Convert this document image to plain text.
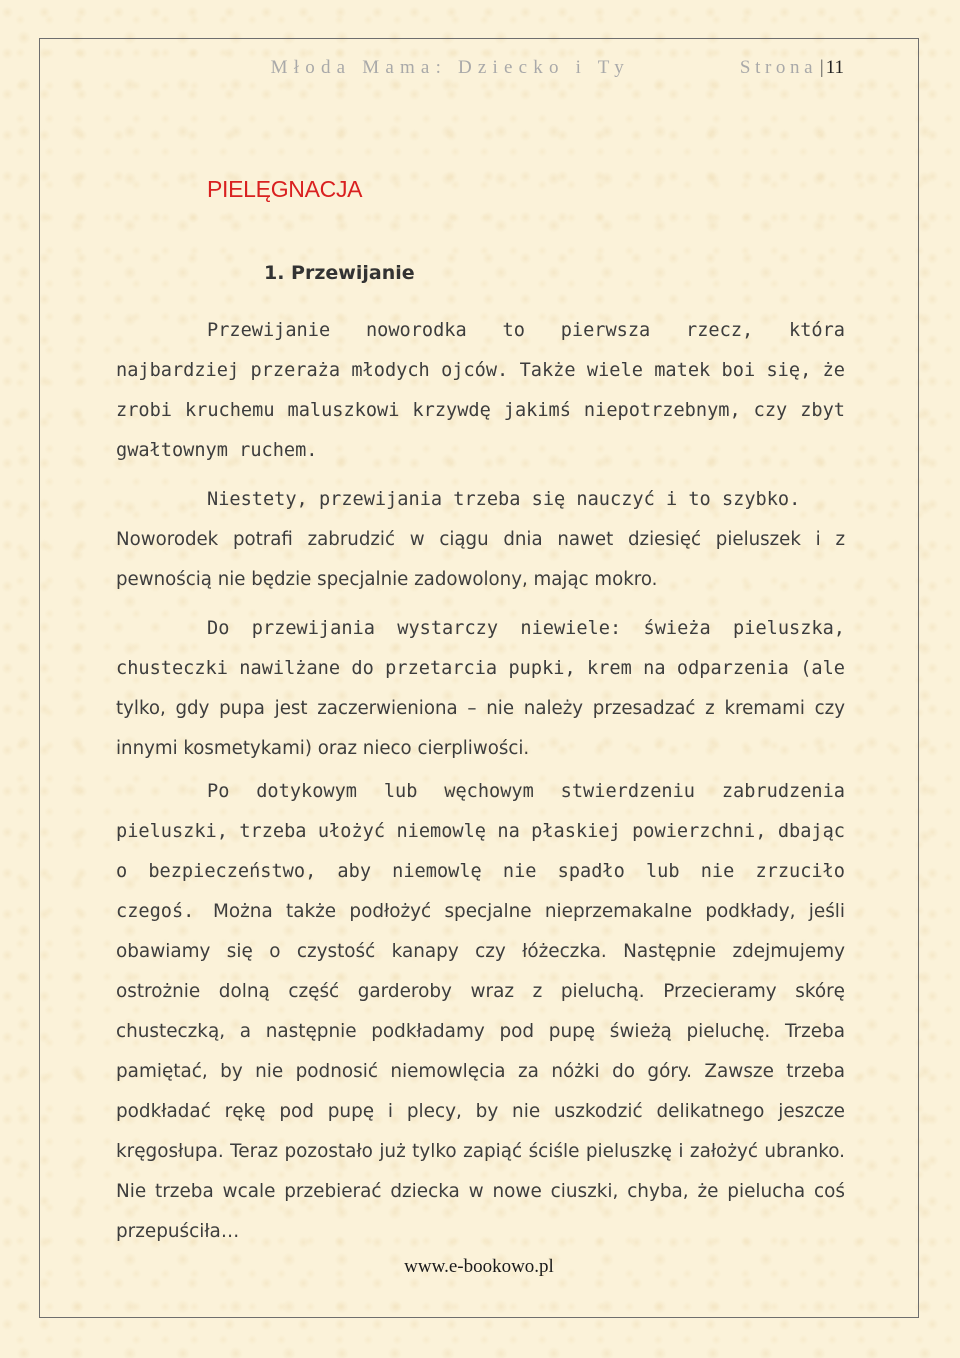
Młoda Mama: Dziecko i Ty	Strona | 11
PIELĘGNACJA
1. Przewijanie

Przewijanie noworodka to pierwsza rzecz, która najbardziej przeraża młodych ojców. Także wiele matek boi się, że zrobi kruchemu maluszkowi krzywdę jakimś niepotrzebnym, czy zbyt gwałtownym ruchem.

Niestety, przewijania trzeba się nauczyć i to szybko.

Noworodek potrafi zabrudzić w ciągu dnia nawet dziesięć pieluszek i z pewnością nie będzie specjalnie zadowolony, mając mokro.

Do przewijania wystarczy niewiele: świeża pieluszka, chusteczki nawilżane do przetarcia pupki, krem na odparzenia (ale tylko, gdy pupa jest zaczerwieniona – nie należy przesadzać z kremami czy innymi kosmetykami) oraz nieco cierpliwości.

Po dotykowym lub węchowym stwierdzeniu zabrudzenia pieluszki, trzeba ułożyć niemowlę na płaskiej powierzchni, dbając o bezpieczeństwo, aby niemowlę nie spadło lub nie zrzuciło czegoś. Można także podłożyć specjalne nieprzemakalne podkłady, jeśli obawiamy się o czystość kanapy czy łóżeczka. Następnie zdejmujemy ostrożnie dolną część garderoby wraz z pieluchą. Przecieramy skórę chusteczką, a następnie podkładamy pod pupę świeżą pieluchę. Trzeba pamiętać, by nie podnosić niemowlęcia za nóżki do góry. Zawsze trzeba podkładać rękę pod pupę i plecy, by nie uszkodzić delikatnego jeszcze kręgosłupa. Teraz pozostało już tylko zapiąć ściśle pieluszkę i założyć ubranko. Nie trzeba wcale przebierać dziecka w nowe ciuszki, chyba, że pielucha coś przepuściła…

www.e-bookowo.pl
